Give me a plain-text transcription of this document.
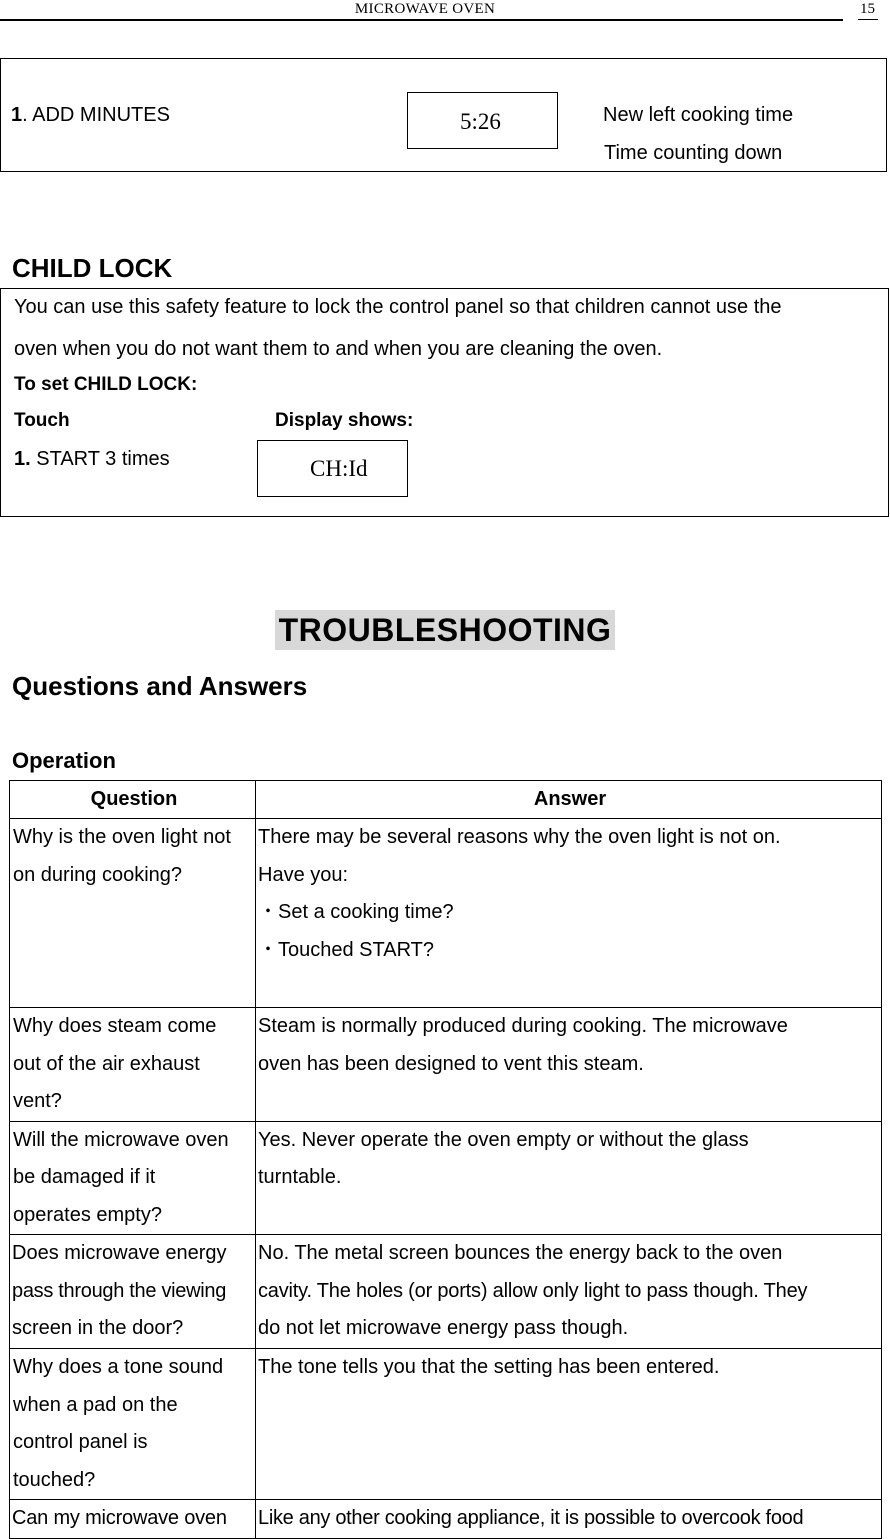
MICROWAVE OVEN	15
1. ADD MINUTES	5:26	New left cooking time
Time counting down
CHILD LOCK
You can use this safety feature to lock the control panel so that children cannot use the
oven when you do not want them to and when you are cleaning the oven.
To set CHILD LOCK:
Touch	Display shows:
1. START 3 times	CH:Id
TROUBLESHOOTING
Questions and Answers
Operation
Question	Answer

Why is the oven light not
on during cooking?	There may be several reasons why the oven light is not on.
Have you:
・Set a cooking time?
・Touched START?

Why does steam come
out of the air exhaust
vent?	Steam is normally produced during cooking. The microwave
oven has been designed to vent this steam.

Will the microwave oven
be damaged if it
operates empty?	Yes. Never operate the oven empty or without the glass
turntable.

Does microwave energy
pass through the viewing
screen in the door?	No. The metal screen bounces the energy back to the oven
cavity. The holes (or ports) allow only light to pass though. They
do not let microwave energy pass though.

Why does a tone sound
when a pad on the
control panel is
touched?	The tone tells you that the setting has been entered.

Can my microwave oven	Like any other cooking appliance, it is possible to overcook food
